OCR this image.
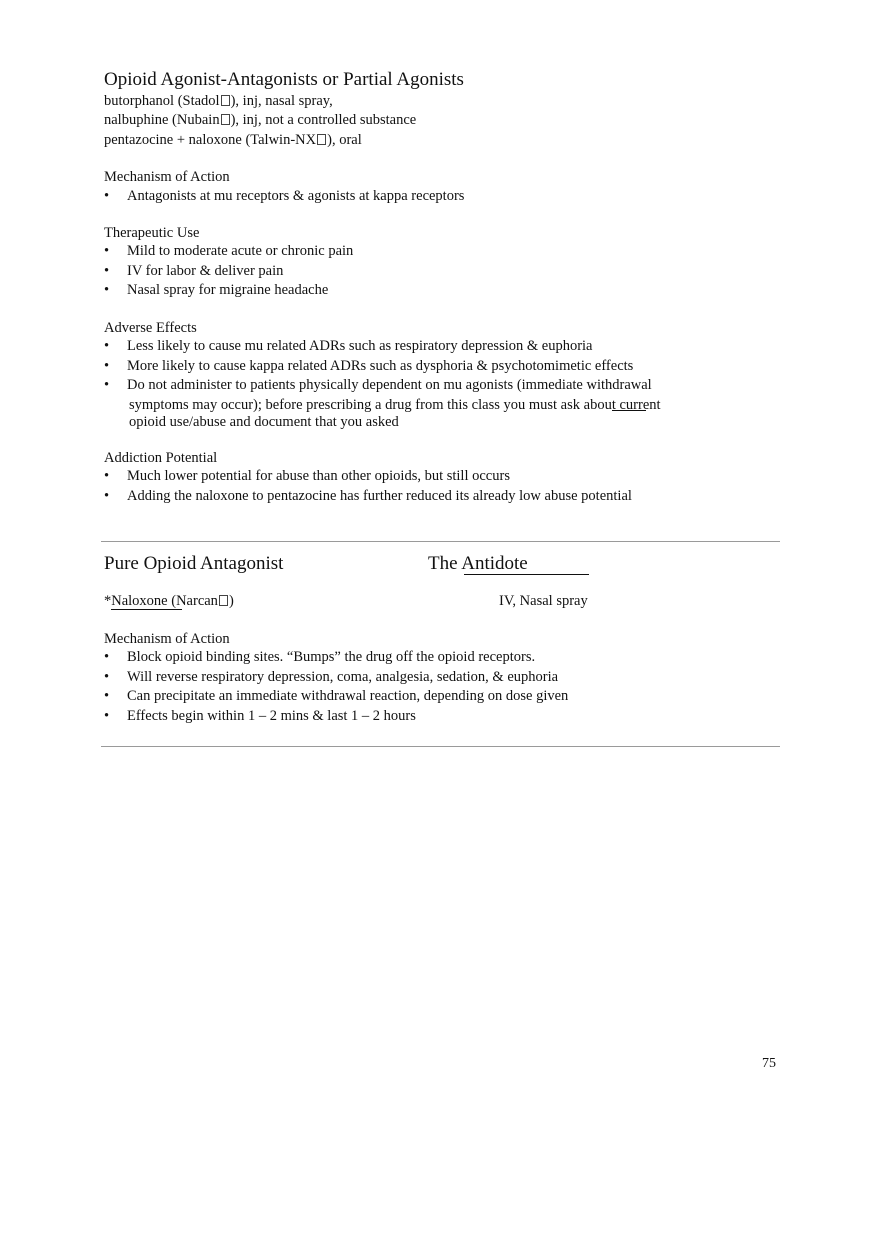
Opioid Agonist-Antagonists or Partial Agonists
butorphanol (Stadol ), inj, nasal spray,
nalbuphine (Nubain ), inj, not a controlled substance
pentazocine + naloxone (Talwin-NX ), oral
Mechanism of Action
• Antagonists at mu receptors & agonists at kappa receptors
Therapeutic Use
• Mild to moderate acute or chronic pain
• IV for labor & deliver pain
• Nasal spray for migraine headache
Adverse Effects
• Less likely to cause mu related ADRs such as respiratory depression & euphoria
• More likely to cause kappa related ADRs such as dysphoria & psychotomimetic effects
• Do not administer to patients physically dependent on mu agonists (immediate withdrawal
symptoms may occur); before prescribing a drug from this class you must ask about current
opioid use/abuse and document that you asked
Addiction Potential
• Much lower potential for abuse than other opioids, but still occurs
• Adding the naloxone to pentazocine has further reduced its already low abuse potential
Pure Opioid Antagonist	The Antidote
*Naloxone (Narcan )	IV, Nasal spray
Mechanism of Action
• Block opioid binding sites. “Bumps” the drug off the opioid receptors.
• Will reverse respiratory depression, coma, analgesia, sedation, & euphoria
• Can precipitate an immediate withdrawal reaction, depending on dose given
• Effects begin within 1 – 2 mins & last 1 – 2 hours
75
